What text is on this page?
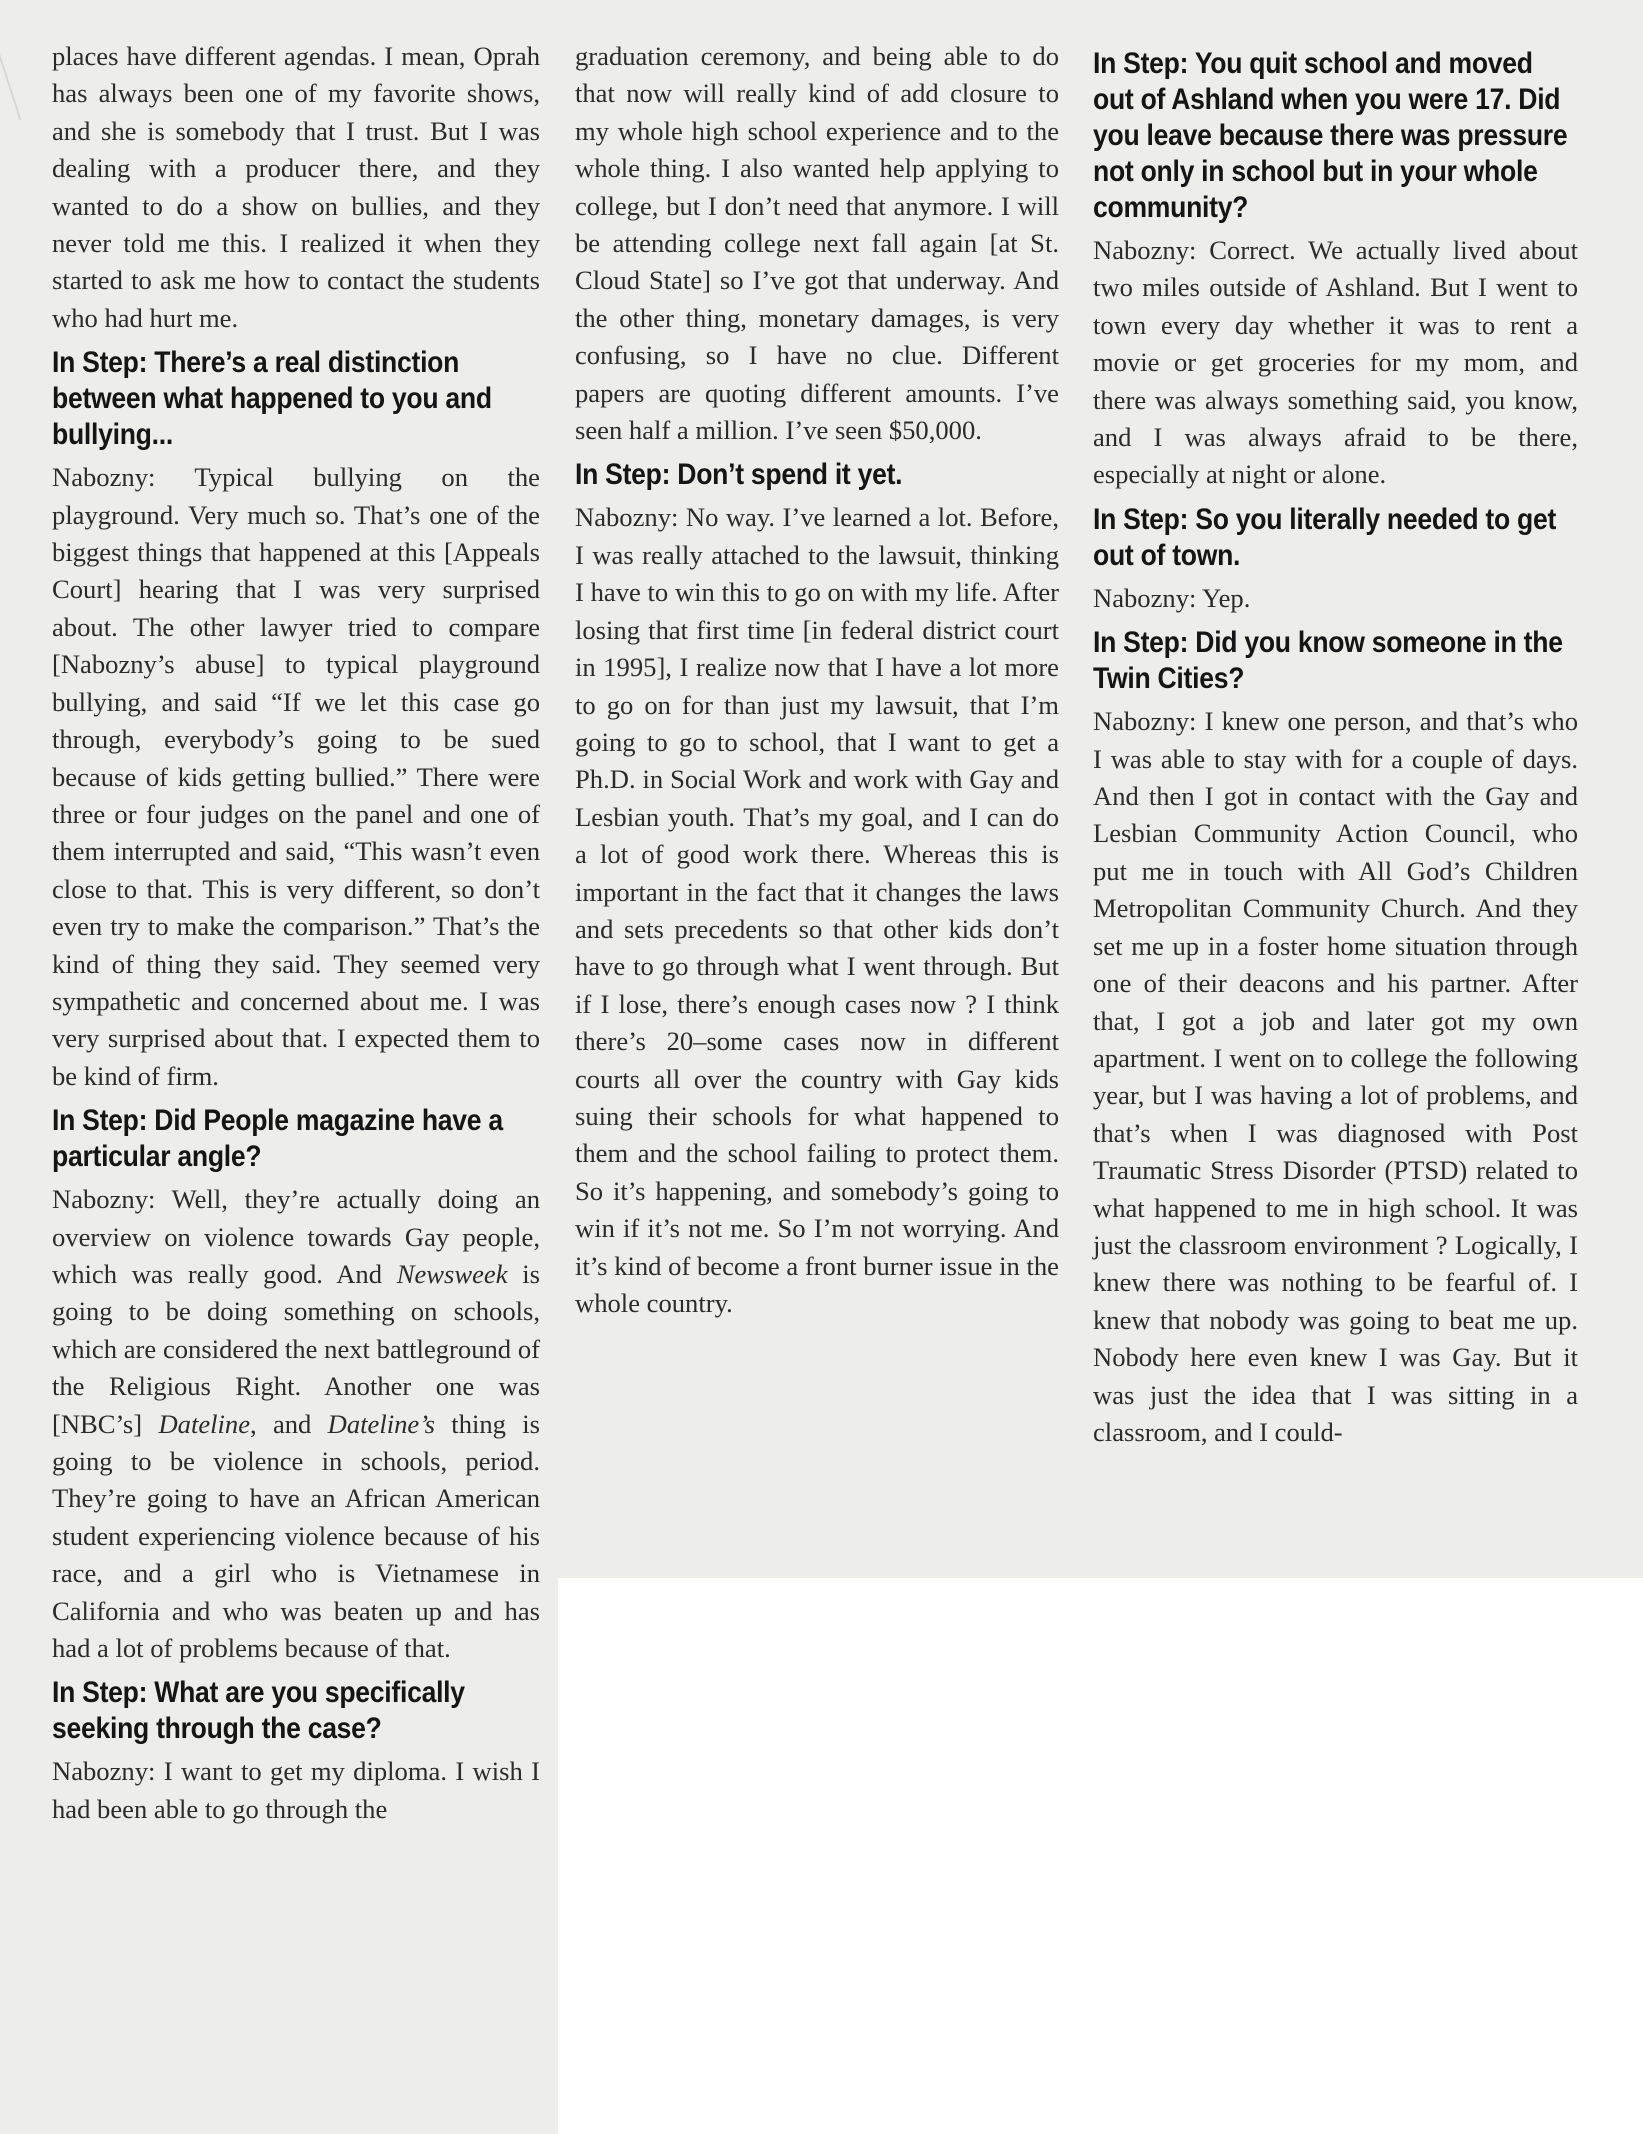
places have different agendas. I mean, Oprah has always been one of my favorite shows, and she is somebody that I trust. But I was dealing with a producer there, and they wanted to do a show on bullies, and they never told me this. I realized it when they started to ask me how to contact the students who had hurt me.

In Step: There’s a real distinction between what happened to you and bullying...

Nabozny: Typical bullying on the playground. Very much so. That’s one of the biggest things that happened at this [Appeals Court] hearing that I was very surprised about. The other lawyer tried to compare [Nabozny’s abuse] to typical playground bullying, and said “If we let this case go through, everybody’s going to be sued because of kids getting bullied.” There were three or four judges on the panel and one of them interrupted and said, “This wasn’t even close to that. This is very different, so don’t even try to make the comparison.” That’s the kind of thing they said. They seemed very sympathetic and concerned about me. I was very surprised about that. I expected them to be kind of firm.

In Step: Did People magazine have a particular angle?

Nabozny: Well, they’re actually doing an overview on violence towards Gay people, which was really good. And Newsweek is going to be doing something on schools, which are considered the next battleground of the Religious Right. Another one was [NBC’s] Dateline, and Dateline’s thing is going to be violence in schools, period. They’re going to have an African American student experiencing violence because of his race, and a girl who is Vietnamese in California and who was beaten up and has had a lot of problems because of that.

In Step: What are you specifically seeking through the case?

Nabozny: I want to get my diploma. I wish I had been able to go through the

graduation ceremony, and being able to do that now will really kind of add closure to my whole high school experience and to the whole thing. I also wanted help applying to college, but I don’t need that anymore. I will be attending college next fall again [at St. Cloud State] so I’ve got that underway. And the other thing, monetary damages, is very confusing, so I have no clue. Different papers are quoting different amounts. I’ve seen half a million. I’ve seen $50,000.

In Step: Don’t spend it yet.

Nabozny: No way. I’ve learned a lot. Before, I was really attached to the lawsuit, thinking I have to win this to go on with my life. After losing that first time [in federal district court in 1995], I realize now that I have a lot more to go on for than just my lawsuit, that I’m going to go to school, that I want to get a Ph.D. in Social Work and work with Gay and Lesbian youth. That’s my goal, and I can do a lot of good work there. Whereas this is important in the fact that it changes the laws and sets precedents so that other kids don’t have to go through what I went through. But if I lose, there’s enough cases now ? I think there’s 20–some cases now in different courts all over the country with Gay kids suing their schools for what happened to them and the school failing to protect them. So it’s happening, and somebody’s going to win if it’s not me. So I’m not worrying. And it’s kind of become a front burner issue in the whole country.

In Step: You quit school and moved out of Ashland when you were 17. Did you leave because there was pressure not only in school but in your whole community?

Nabozny: Correct. We actually lived about two miles outside of Ashland. But I went to town every day whether it was to rent a movie or get groceries for my mom, and there was always something said, you know, and I was always afraid to be there, especially at night or alone.

In Step: So you literally needed to get out of town.

Nabozny: Yep.

In Step: Did you know someone in the Twin Cities?

Nabozny: I knew one person, and that’s who I was able to stay with for a couple of days. And then I got in contact with the Gay and Lesbian Community Action Council, who put me in touch with All God’s Children Metropolitan Community Church. And they set me up in a foster home situation through one of their deacons and his partner. After that, I got a job and later got my own apartment. I went on to college the following year, but I was having a lot of problems, and that’s when I was diagnosed with Post Traumatic Stress Disorder (PTSD) related to what happened to me in high school. It was just the classroom environment ? Logically, I knew there was nothing to be fearful of. I knew that nobody was going to beat me up. Nobody here even knew I was Gay. But it was just the idea that I was sitting in a classroom, and I could-
